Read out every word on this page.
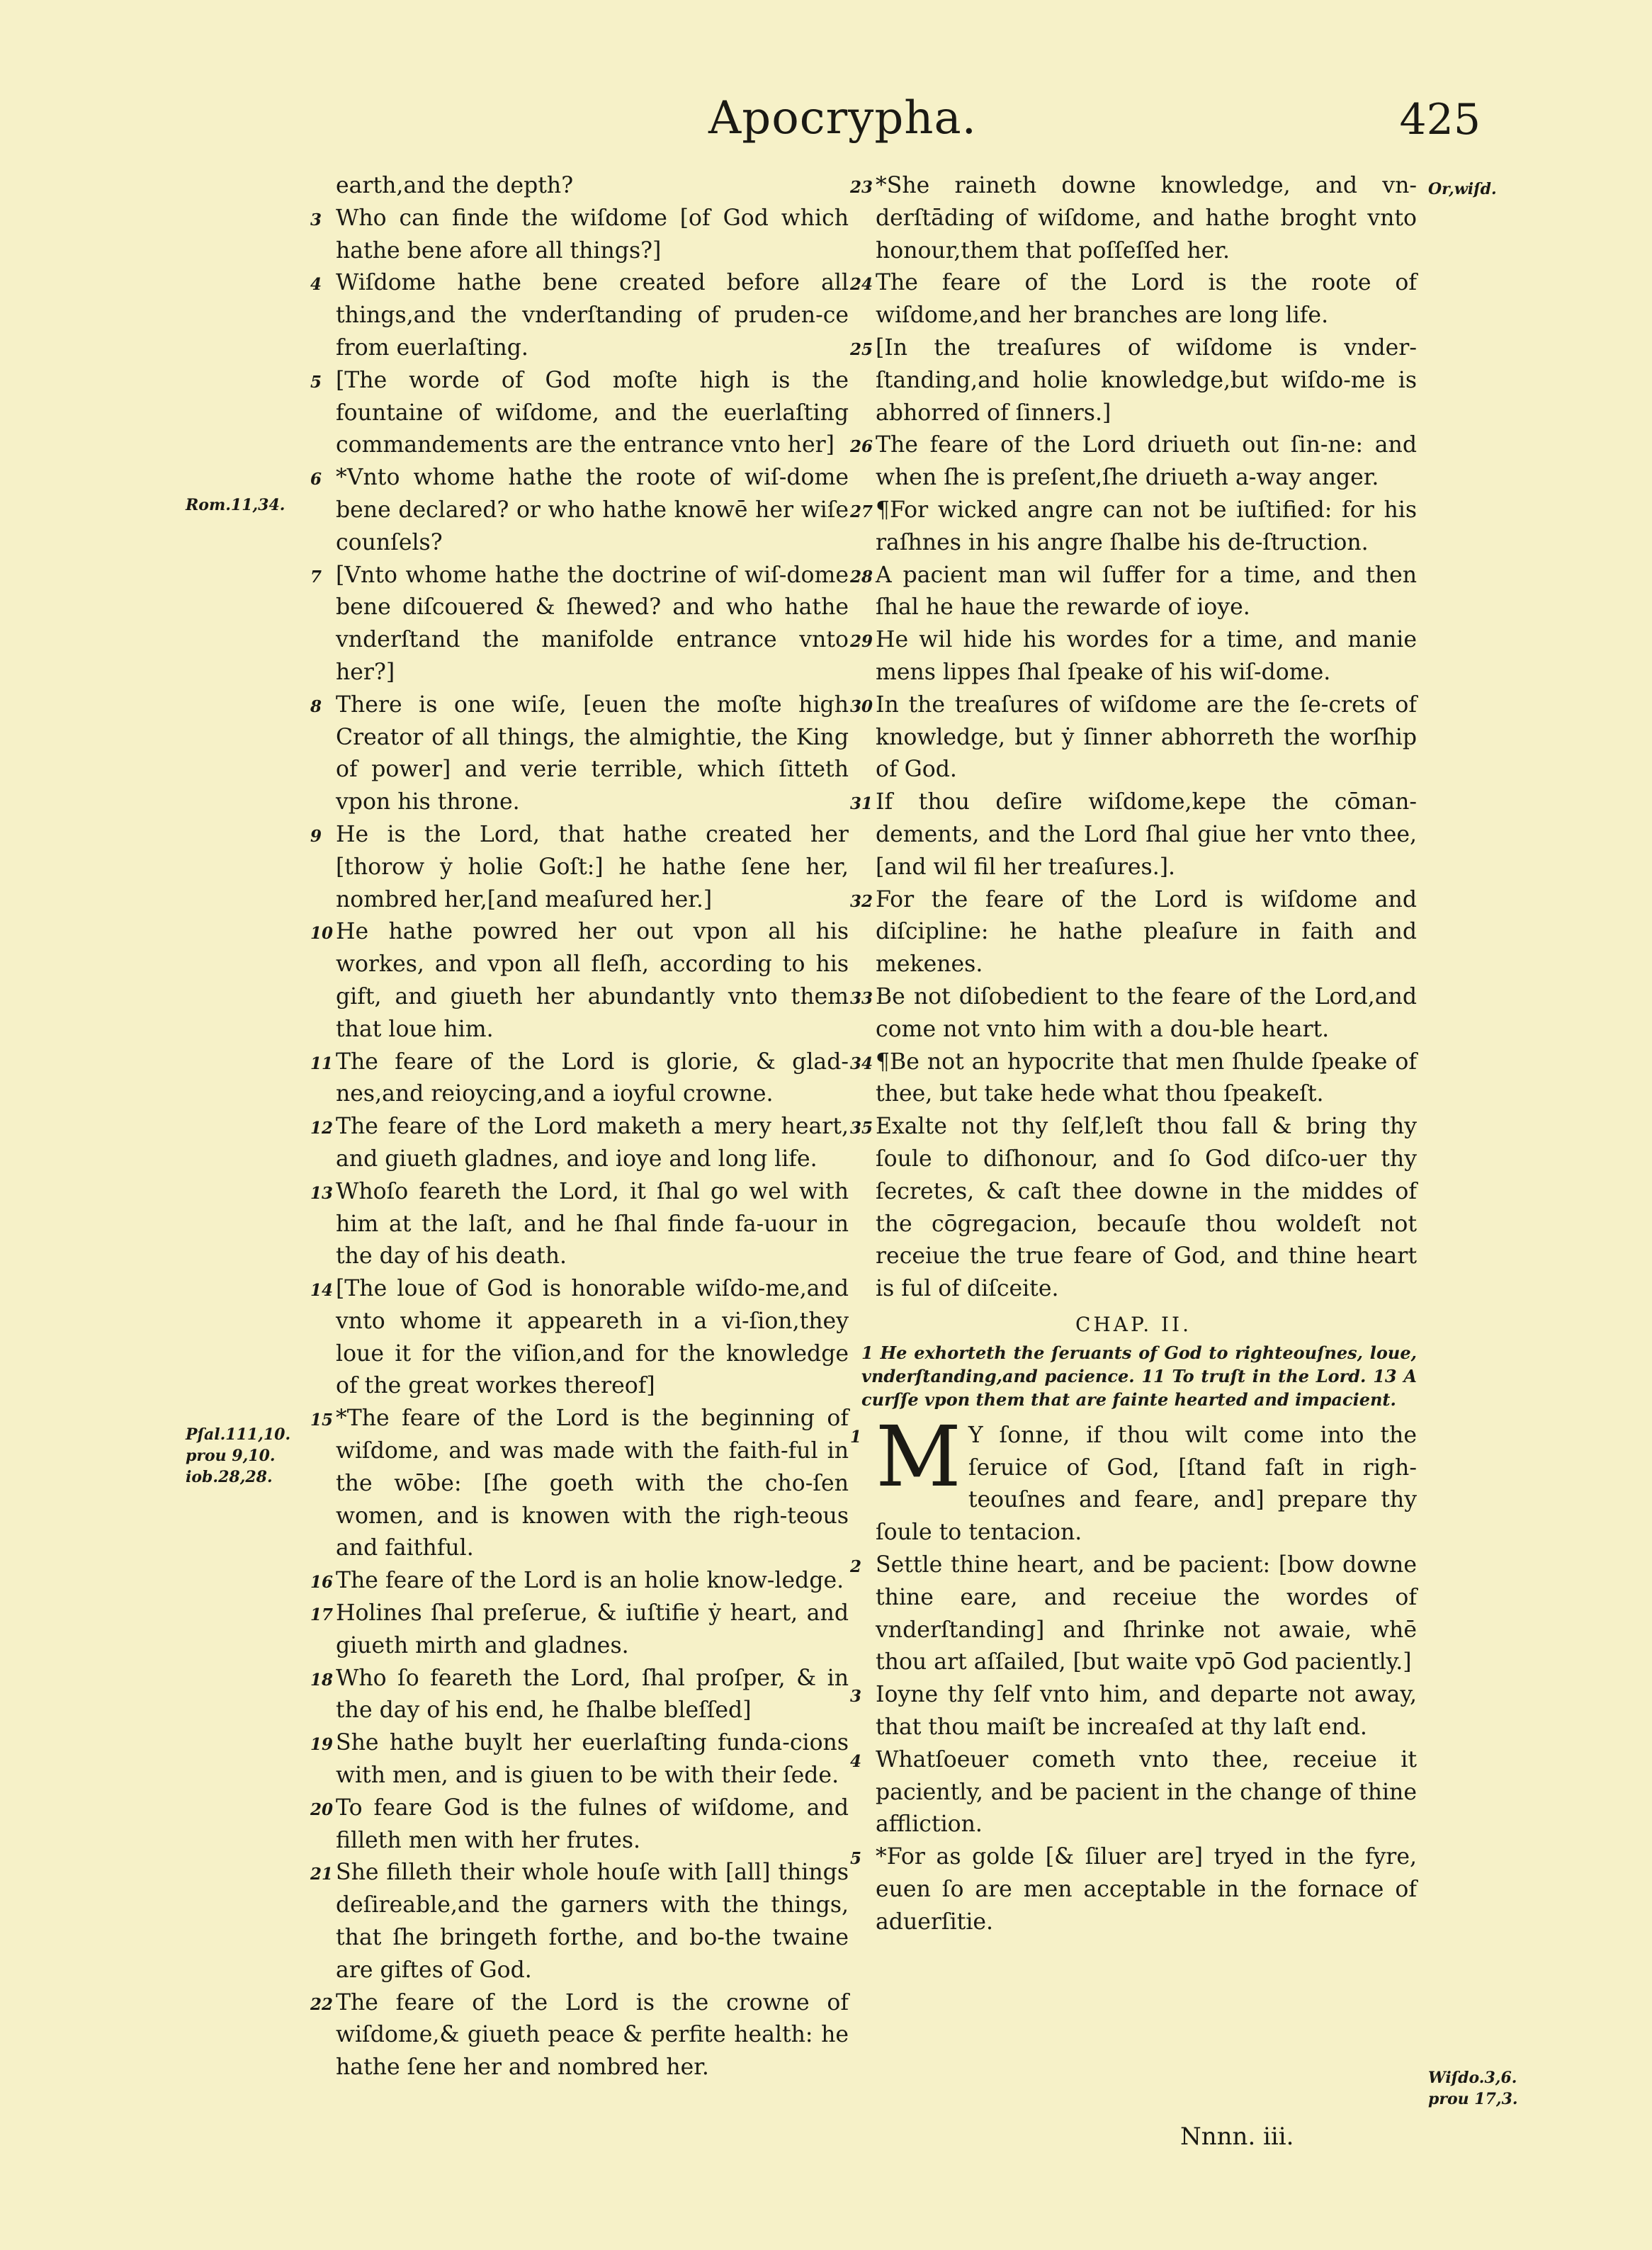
Apocrypha.	425
Rom.11,34.
Pſal.111,10.
prou 9,10.
iob.28,28.
Or,wiſd.
Wiſdo.3,6.
prou 17,3.
earth,and the depth?
3 Who can finde the wiſdome [of God which hathe bene afore all things?]
4 Wiſdome hathe bene created before all things,and the vnderſtanding of pruden-ce from euerlaſting.
5 [The worde of God moſte high is the fountaine of wiſdome, and the euerlaſting commandements are the entrance vnto her]
6 *Vnto whome hathe the roote of wiſ-dome bene declared? or who hathe knowē her wiſe counſels?
7 [Vnto whome hathe the doctrine of wiſ-dome bene diſcouered & ſhewed? and who hathe vnderſtand the manifolde entrance vnto her?]
8 There is one wiſe, [euen the moſte high Creator of all things, the almightie, the King of power] and verie terrible, which ſitteth vpon his throne.
9 He is the Lord, that hathe created her [thorow ẏ holie Goſt:] he hathe ſene her, nombred her,[and meaſured her.]
10 He hathe powred her out vpon all his workes, and vpon all fleſh, according to his gift, and giueth her abundantly vnto them that loue him.
11 The feare of the Lord is glorie, & glad-nes,and reioycing,and a ioyful crowne.
12 The feare of the Lord maketh a mery heart, and giueth gladnes, and ioye and long life.
13 Whoſo feareth the Lord, it ſhal go wel with him at the laſt, and he ſhal finde fa-uour in the day of his death.
14 [The loue of God is honorable wiſdo-me,and vnto whome it appeareth in a vi-ſion,they loue it for the viſion,and for the knowledge of the great workes thereof]
15 *The feare of the Lord is the beginning of wiſdome, and was made with the faith-ful in the wōbe: [ſhe goeth with the cho-ſen women, and is knowen with the righ-teous and faithful.
16 The feare of the Lord is an holie know-ledge.
17 Holines ſhal preſerue, & iuſtifie ẏ heart, and giueth mirth and gladnes.
18 Who ſo feareth the Lord, ſhal proſper, & in the day of his end, he ſhalbe bleſſed]
19 She hathe buylt her euerlaſting funda-cions with men, and is giuen to be with their ſede.
20 To feare God is the fulnes of wiſdome, and filleth men with her frutes.
21 She filleth their whole houſe with [all] things deſireable,and the garners with the things, that ſhe bringeth forthe, and bo-the twaine are giftes of God.
22 The feare of the Lord is the crowne of wiſdome,& giueth peace & perfite health: he hathe ſene her and nombred her.
23 *She raineth downe knowledge, and vn-derſtāding of wiſdome, and hathe broght vnto honour,them that poſſeſſed her.
24 The feare of the Lord is the roote of wiſdome,and her branches are long life.
25 [In the treaſures of wiſdome is vnder-ſtanding,and holie knowledge,but wiſdo-me is abhorred of ſinners.]
26 The feare of the Lord driueth out ſin-ne: and when ſhe is preſent,ſhe driueth a-way anger.
27 ¶For wicked angre can not be iuſtified: for his raſhnes in his angre ſhalbe his de-ſtruction.
28 A pacient man wil ſuffer for a time, and then ſhal he haue the rewarde of ioye.
29 He wil hide his wordes for a time, and manie mens lippes ſhal ſpeake of his wiſ-dome.
30 In the treaſures of wiſdome are the ſe-crets of knowledge, but ẏ ſinner abhorreth the worſhip of God.
31 If thou deſire wiſdome,kepe the cōman-dements, and the Lord ſhal giue her vnto thee, [and wil fil her treaſures.].
32 For the feare of the Lord is wiſdome and diſcipline: he hathe pleaſure in faith and mekenes.
33 Be not diſobedient to the feare of the Lord,and come not vnto him with a dou-ble heart.
34 ¶Be not an hypocrite that men ſhulde ſpeake of thee, but take hede what thou ſpeakeſt.
35 Exalte not thy ſelf,leſt thou fall & bring thy ſoule to diſhonour, and ſo God diſco-uer thy ſecretes, & caſt thee downe in the middes of the cōgregacion, becauſe thou woldeſt not receiue the true feare of God, and thine heart is ful of diſceite.
CHAP. II.
1 He exhorteth the ſeruants of God to righteouſnes, loue, vnderſtanding,and pacience. 11 To truſt in the Lord. 13 A curſſe vpon them that are fainte hearted and impacient.
1 M Y ſonne, if thou wilt come into the ſeruice of God, [ſtand faſt in righ-teouſnes and feare, and] prepare thy ſoule to tentacion.
2 Settle thine heart, and be pacient: [bow downe thine eare, and receiue the wordes of vnderſtanding] and ſhrinke not awaie, whē thou art aſſailed, [but waite vpō God paciently.]
3 Ioyne thy ſelf vnto him, and departe not away, that thou maiſt be increaſed at thy laſt end.
4 Whatſoeuer cometh vnto thee, receiue it paciently, and be pacient in the change of thine affliction.
5 *For as golde [& ſiluer are] tryed in the fyre, euen ſo are men acceptable in the fornace of aduerſitie.
Nnnn. iii.
